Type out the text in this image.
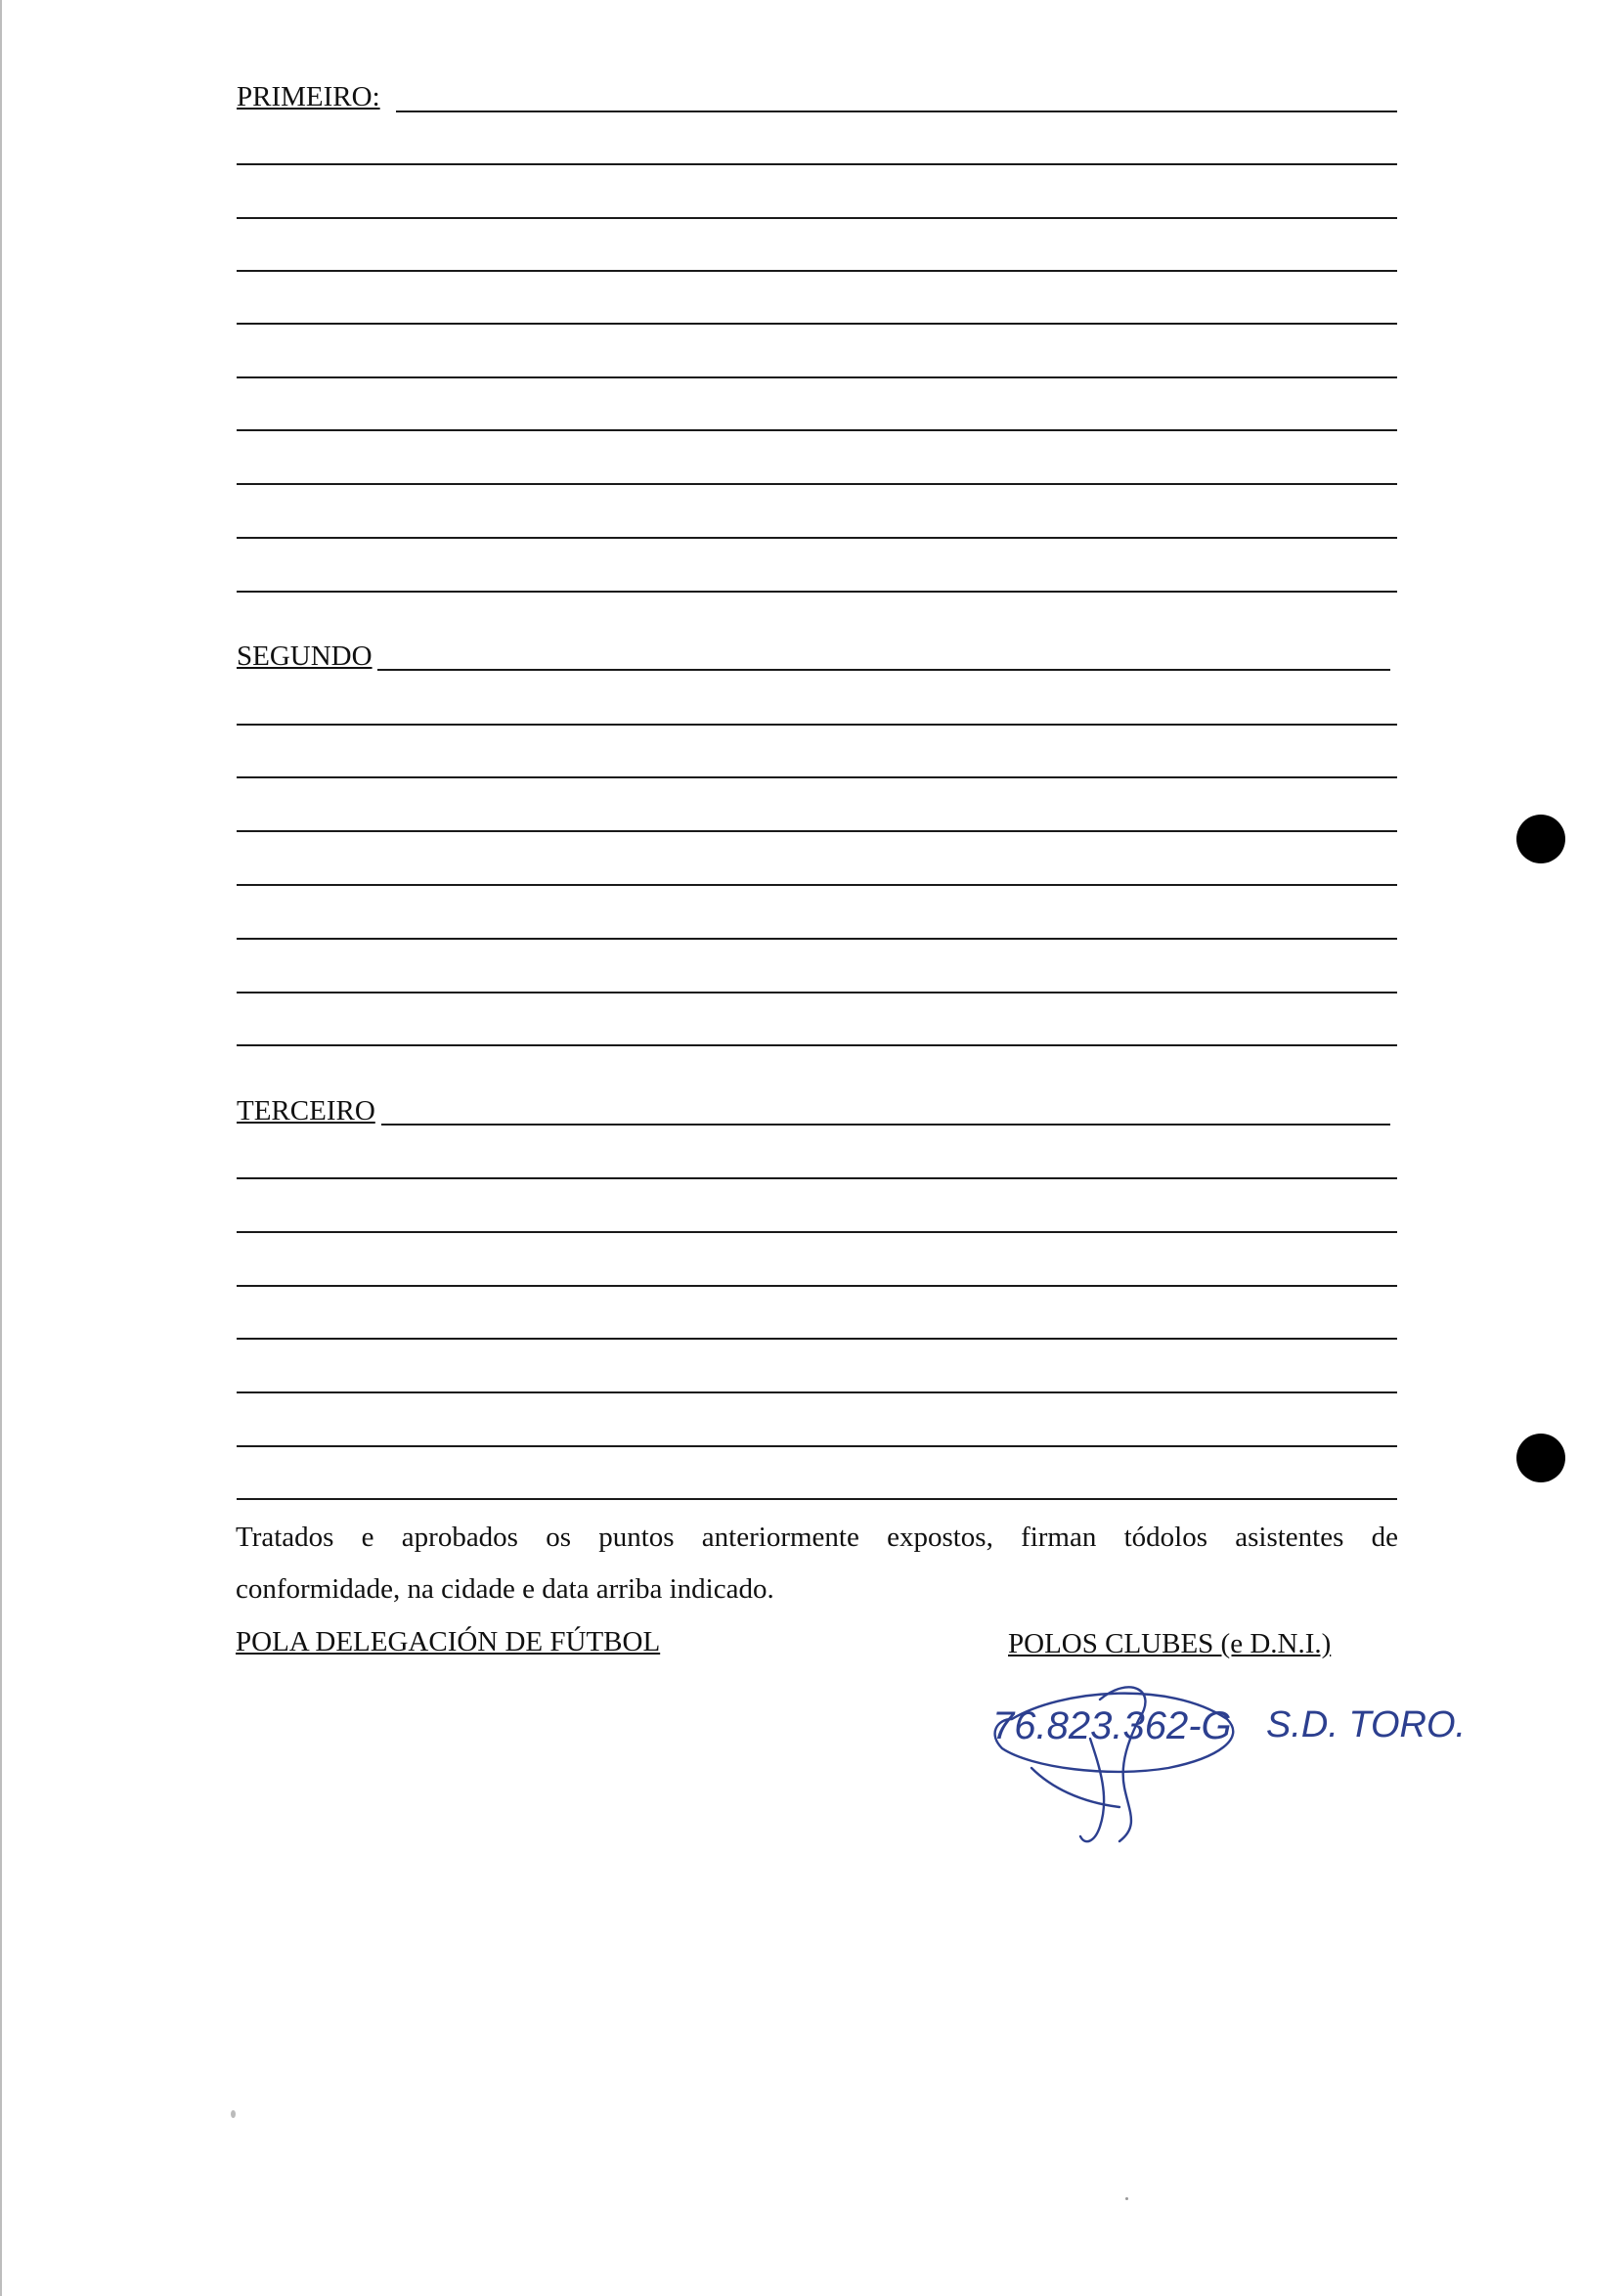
PRIMEIRO:
SEGUNDO
TERCEIRO

Tratados e aprobados os puntos anteriormente expostos, firman tódolos asistentes de

conformidade, na cidade e data arriba indicado.

POLA DELEGACIÓN DE FÚTBOL	POLOS CLUBES (e D.N.I.)
76.823.362-G S.D. TORO.
